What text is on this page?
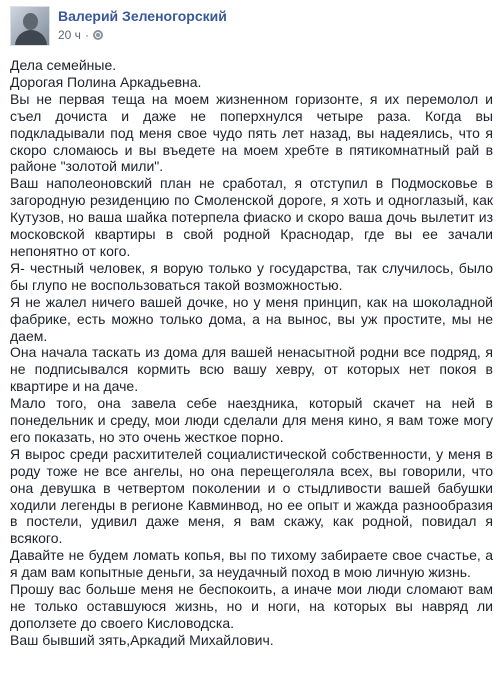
Валерий Зеленогорский
20 ч ·

Дела семейные.

Дорогая Полина Аркадьевна.

Вы не первая теща на моем жизненном горизонте, я их перемолол и съел дочиста и даже не поперхнулся четыре раза. Когда вы подкладывали под меня свое чудо пять лет назад, вы надеялись, что я скоро сломаюсь и вы въедете на моем хребте в пятикомнатный рай в районе "золотой мили".

Ваш наполеоновский план не сработал, я отступил в Подмосковье в загородную резиденцию по Смоленской дороге, я хоть и одноглазый, как Кутузов, но ваша шайка потерпела фиаско и скоро ваша дочь вылетит из московской квартиры в свой родной Краснодар, где вы ее зачали непонятно от кого.

Я- честный человек, я ворую только у государства, так случилось, было бы глупо не воспользоваться такой возможностью.

Я не жалел ничего вашей дочке, но у меня принцип, как на шоколадной фабрике, есть можно только дома, а на вынос, вы уж простите, мы не даем.

Она начала таскать из дома для вашей ненасытной родни все подряд, я не подписывался кормить всю вашу хевру, от которых нет покоя в квартире и на даче.

Мало того, она завела себе наездника, который скачет на ней в понедельник и среду, мои люди сделали для меня кино, я вам тоже могу его показать, но это очень жесткое порно.

Я вырос среди расхитителей социалистической собственности, у меня в роду тоже не все ангелы, но она перещеголяла всех, вы говорили, что она девушка в четвертом поколении и о стыдливости вашей бабушки ходили легенды в регионе Кавминвод, но ее опыт и жажда разнообразия в постели, удивил даже меня, я вам скажу, как родной, повидал я всякого.

Давайте не будем ломать копья, вы по тихому забираете свое счастье, а я дам вам копытные деньги, за неудачный поход в мою личную жизнь.

Прошу вас больше меня не беспокоить, а иначе мои люди сломают вам не только оставшуюся жизнь, но и ноги, на которых вы навряд ли доползете до своего Кисловодска.

Ваш бывший зять,Аркадий Михайлович.
